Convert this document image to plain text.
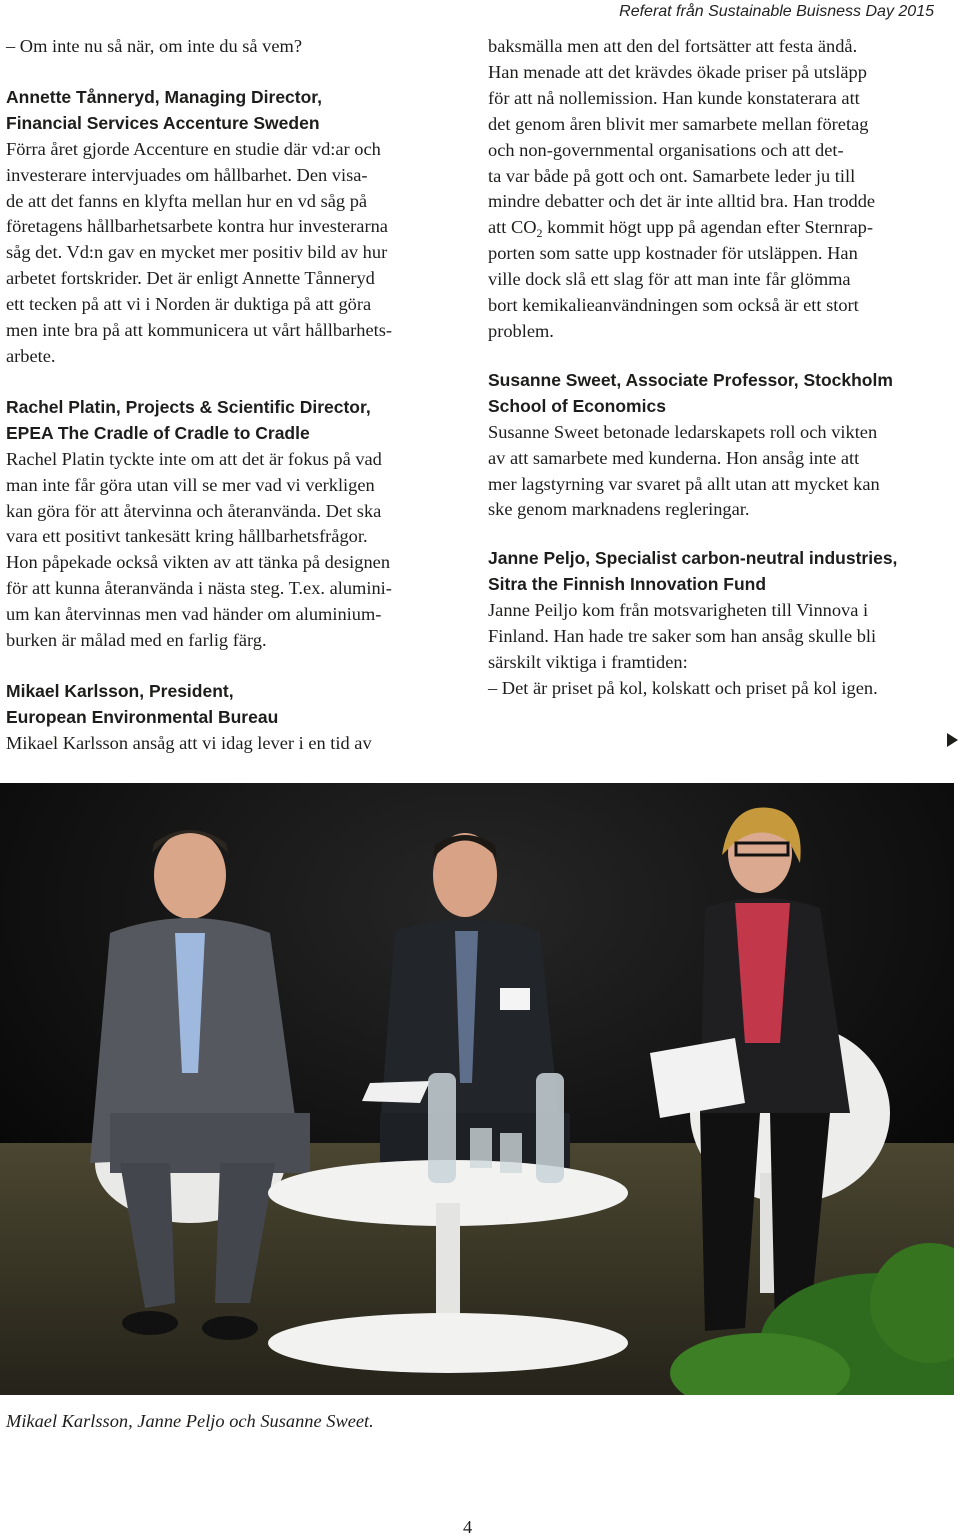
Referat från Sustainable Buisness Day 2015

– Om inte nu så när, om inte du så vem?

Annette Tånneryd, Managing Director,
Financial Services Accenture Sweden

Förra året gjorde Accenture en studie där vd:ar och

investerare intervjuades om hållbarhet. Den visa-

de att det fanns en klyfta mellan hur en vd såg på

företagens hållbarhetsarbete kontra hur investerarna

såg det. Vd:n gav en mycket mer positiv bild av hur

arbetet fortskrider. Det är enligt Annette Tånneryd

ett tecken på att vi i Norden är duktiga på att göra

men inte bra på att kommunicera ut vårt hållbarhets-

arbete.

Rachel Platin, Projects & Scientific Director,
EPEA The Cradle of Cradle to Cradle

Rachel Platin tyckte inte om att det är fokus på vad

man inte får göra utan vill se mer vad vi verkligen

kan göra för att återvinna och återanvända. Det ska

vara ett positivt tankesätt kring hållbarhetsfrågor.

Hon påpekade också vikten av att tänka på designen

för att kunna återanvända i nästa steg. T.ex. alumini-

um kan återvinnas men vad händer om aluminium-

burken är målad med en farlig färg.

Mikael Karlsson, President,
European Environmental Bureau

Mikael Karlsson ansåg att vi idag lever i en tid av

baksmälla men att den del fortsätter att festa ändå.

Han menade att det krävdes ökade priser på utsläpp

för att nå nollemission. Han kunde konstaterara att

det genom åren blivit mer samarbete mellan företag

och non-governmental organisations och att det-

ta var både på gott och ont. Samarbete leder ju till

mindre debatter och det är inte alltid bra. Han trodde

att $CO_2$ kommit högt upp på agendan efter Sternrap-

porten som satte upp kostnader för utsläppen. Han

ville dock slå ett slag för att man inte får glömma

bort kemikalieanvändningen som också är ett stort

problem.

Susanne Sweet, Associate Professor, Stockholm
School of Economics

Susanne Sweet betonade ledarskapets roll och vikten

av att samarbete med kunderna. Hon ansåg inte att

mer lagstyrning var svaret på allt utan att mycket kan

ske genom marknadens regleringar.

Janne Peljo, Specialist carbon-neutral industries,
Sitra the Finnish Innovation Fund

Janne Peiljo kom från motsvarigheten till Vinnova i

Finland. Han hade tre saker som han ansåg skulle bli

särskilt viktiga i framtiden:

– Det är priset på kol, kolskatt och priset på kol igen.

Mikael Karlsson, Janne Peljo och Susanne Sweet.
4
